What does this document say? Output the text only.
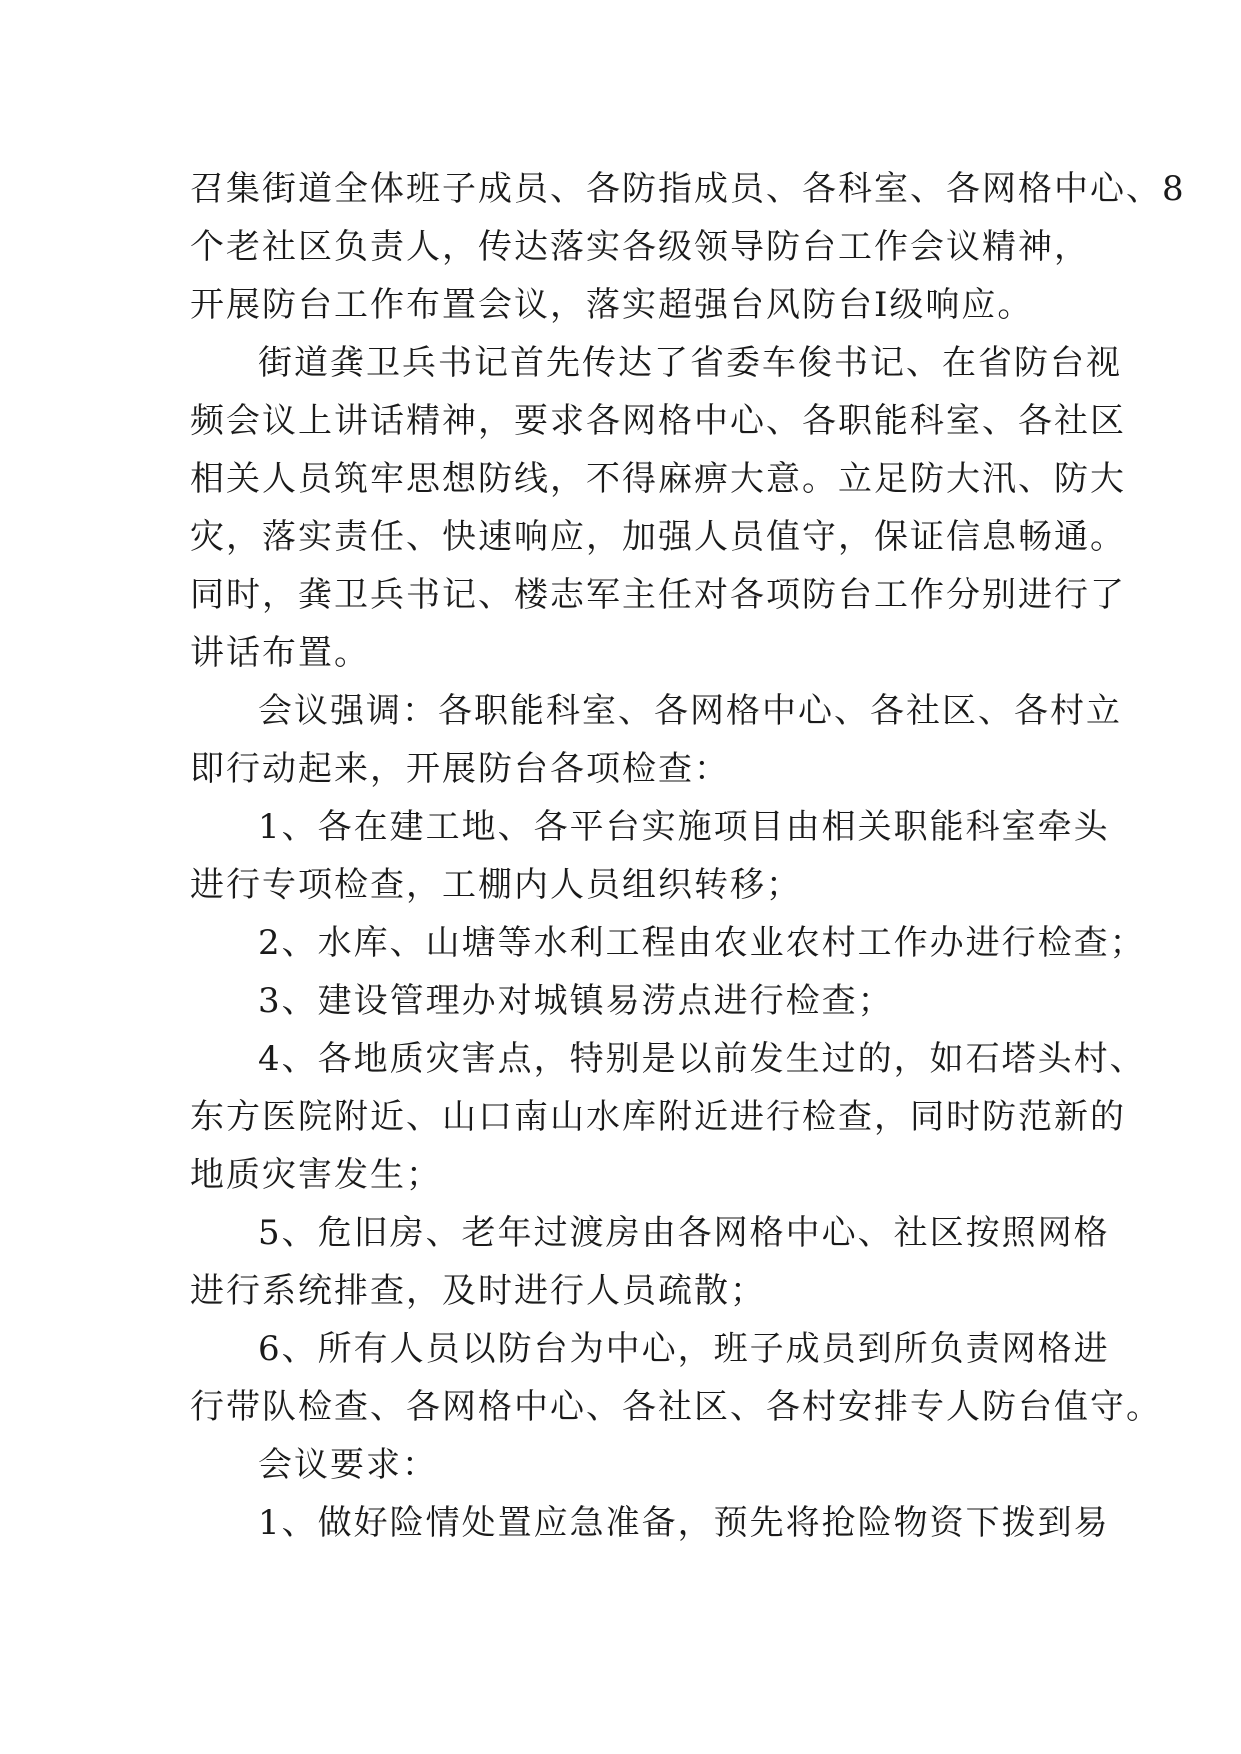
召集街道全体班子成员、各防指成员、各科室、各网格中心、8
个老社区负责人，传达落实各级领导防台工作会议精神，
开展防台工作布置会议，落实超强台风防台Ⅰ级响应。
街道龚卫兵书记首先传达了省委车俊书记、在省防台视
频会议上讲话精神，要求各网格中心、各职能科室、各社区
相关人员筑牢思想防线，不得麻痹大意。立足防大汛、防大
灾，落实责任、快速响应，加强人员值守，保证信息畅通。
同时，龚卫兵书记、楼志军主任对各项防台工作分别进行了
讲话布置。
会议强调：各职能科室、各网格中心、各社区、各村立
即行动起来，开展防台各项检查：
1、各在建工地、各平台实施项目由相关职能科室牵头
进行专项检查，工棚内人员组织转移；
2、水库、山塘等水利工程由农业农村工作办进行检查；
3、建设管理办对城镇易涝点进行检查；
4、各地质灾害点，特别是以前发生过的，如石塔头村、
东方医院附近、山口南山水库附近进行检查，同时防范新的
地质灾害发生；
5、危旧房、老年过渡房由各网格中心、社区按照网格
进行系统排查，及时进行人员疏散；
6、所有人员以防台为中心，班子成员到所负责网格进
行带队检查、各网格中心、各社区、各村安排专人防台值守。
会议要求：
1、做好险情处置应急准备，预先将抢险物资下拨到易
